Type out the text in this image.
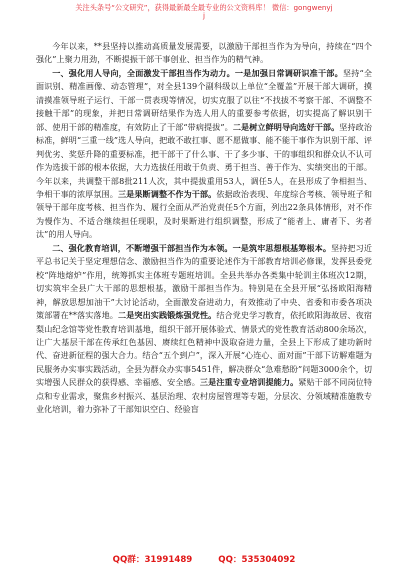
关注头条号“公文研究”，获得最新最全最专业的公文资料库！ 微信：gongwenyj
j

今年以来，**县坚持以推动高质量发展需要，以激励干部担当作为为导向，持续在“四个强化”上聚力用劲，不断提振干部干事创业、担当作为的精气神。

一、强化用人导向，全面激发干部担当作为动力。一是加强日常调研识准干部。坚持“全面识别、精准画像、动态管理”，对全县139个副科级以上单位“全覆盖”开展干部大调研，摸清摸准领导班子运行、干部一贯表现等情况，切实克服了以往“不找拔不考察干部、不调整不接触干部”的现象，并把日常调研结果作为选人用人的重要参考依据，切实提高了解识别干部、使用干部的精准度，有效防止了干部“带病提拔”。二是树立鲜明导向选好干部。坚持政治标准，鲜明“三重一线”选人导向，把敢不敢扛事、愿不愿做事、能不能干事作为识别干部、评判优劣、奖惩升降的重要标准，把干部干了什么事、干了多少事、干的事组织和群众认不认可作为选拔干部的根本依据，大力选拔任用敢于负责、勇于担当、善于作为、实绩突出的干部。今年以来，共调整干部8批211人次，其中提拔重用53人，调任5人，在县形成了争相担当、争相干事的浓厚氛围。三是果断调整不作为干部。依据政治表现、年度综合考核、领导班子和领导干部年度考核、担当作为、履行全面从严治党责任5个方面，列出22条具体情形，对不作为慢作为、不适合继续担任现职，及时果断进行组织调整，形成了“能者上、庸者下、劣者汰”的用人导向。

二、强化教育培训，不断增强干部担当作为本领。一是筑牢思想根基筹根本。坚持把习近平总书记关于坚定理想信念、激励担当作为的重要论述作为干部教育培训必修课，发挥县委党校“阵地熔炉”作用，统筹抓实主体班专题班培训。全县共举办各类集中轮训主体班次12期，切实筑牢全县广大干部的思想根基，激励干部担当作为。特别是在全县开展“弘扬欧阳海精神，解放思想加油干”大讨论活动，全面激发奋进动力，有效推动了中央、省委和市委各项决策部署在**落实落地。二是突出实践锻炼强党性。结合党史学习教育，依托欧阳海故居、夜宿梨山纪念馆等党性教育培训基地，组织干部开展体验式、情景式的党性教育活动800余场次，让广大基层干部在传承红色基因、赓续红色精神中汲取奋进力量，全县上下形成了建功新时代、奋进新征程的强大合力。结合“五个到户”，深入开展“心连心、面对面”干部下访解难题为民服务办实事实践活动，全县为群众办实事5451件，解决群众“急难愁盼”问题3000余个，切实增强人民群众的获得感、幸福感、安全感。三是注重专业培训提能力。紧贴干部不同岗位特点和专业需求，聚焦乡村振兴、基层治理、农村房屋管理等专题，分层次、分领域精准施教专业化培训，着力弥补了干部知识空白、经验盲

QQ群：31991489	QQ：535304092
